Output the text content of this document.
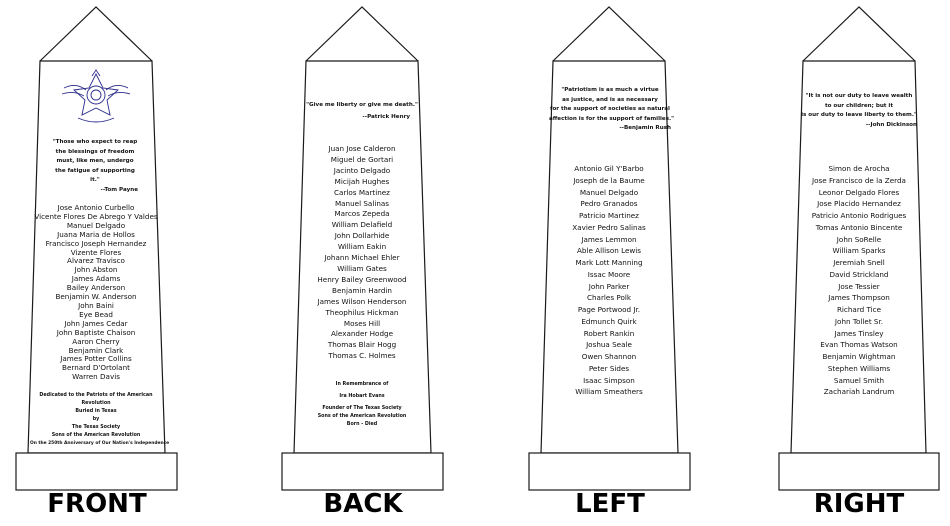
"Those who expect to reap
the blessings of freedom
must, like men, undergo
the fatigue of supporting it."
--Tom Payne
Jose Antonio Curbello
Vicente Flores De Abrego Y Valdes
Manuel Delgado
Juana Maria de Hollos
Francisco Joseph Hernandez
Vizente Flores
Alvarez Travisco
John Abston
James Adams
Bailey Anderson
Benjamin W. Anderson
John Baini
Eye Bead
John James Cedar
John Baptiste Chaison
Aaron Cherry
Benjamin Clark
James Potter Collins
Bernard D'Ortolant
Warren Davis
Dedicated to the Patriots of the American Revolution
Buried in Texas
by
The Texas Society
Sons of the American Revolution
On the 250th Anniversary of Our Nation's Independence
FRONT
"Give me liberty or give me death."
--Patrick Henry
Juan Jose Calderon
Miguel de Gortari
Jacinto Delgado
Micijah Hughes
Carlos Martinez
Manuel Salinas
Marcos Zepeda
William Delafield
John Dollarhide
William Eakin
Johann Michael Ehler
William Gates
Henry Bailey Greenwood
Benjamin Hardin
James Wilson Henderson
Theophilus Hickman
Moses Hill
Alexander Hodge
Thomas Blair Hogg
Thomas C. Holmes
In Remembrance of
Ira Hobart Evans
Founder of The Texas Society
Sons of the American Revolution
Born - Died
BACK
"Patriotism is as much a virtue
as justice, and is as necessary
for the support of societies as natural
affection is for the support of families."
--Benjamin Rush
Antonio Gil Y'Barbo
Joseph de la Baume
Manuel Delgado
Pedro Granados
Patricio Martinez
Xavier Pedro Salinas
James Lemmon
Able Allison Lewis
Mark Lott Manning
Issac Moore
John Parker
Charles Polk
Page Portwood Jr.
Edmunch Quirk
Robert Rankin
Joshua Seale
Owen Shannon
Peter Sides
Isaac Simpson
William Smeathers
LEFT
"It is not our duty to leave wealth
to our children; but it
is our duty to leave liberty to them."
--John Dickinson
Simon de Arocha
Jose Francisco de la Zerda
Leonor Delgado Flores
Jose Placido Hernandez
Patricio Antonio Rodrigues
Tomas Antonio Bincente
John SoRelle
William Sparks
Jeremiah Snell
David Strickland
Jose Tessier
James Thompson
Richard Tice
John Tollet Sr.
James Tinsley
Evan Thomas Watson
Benjamin Wightman
Stephen Williams
Samuel Smith
Zachariah Landrum
RIGHT
